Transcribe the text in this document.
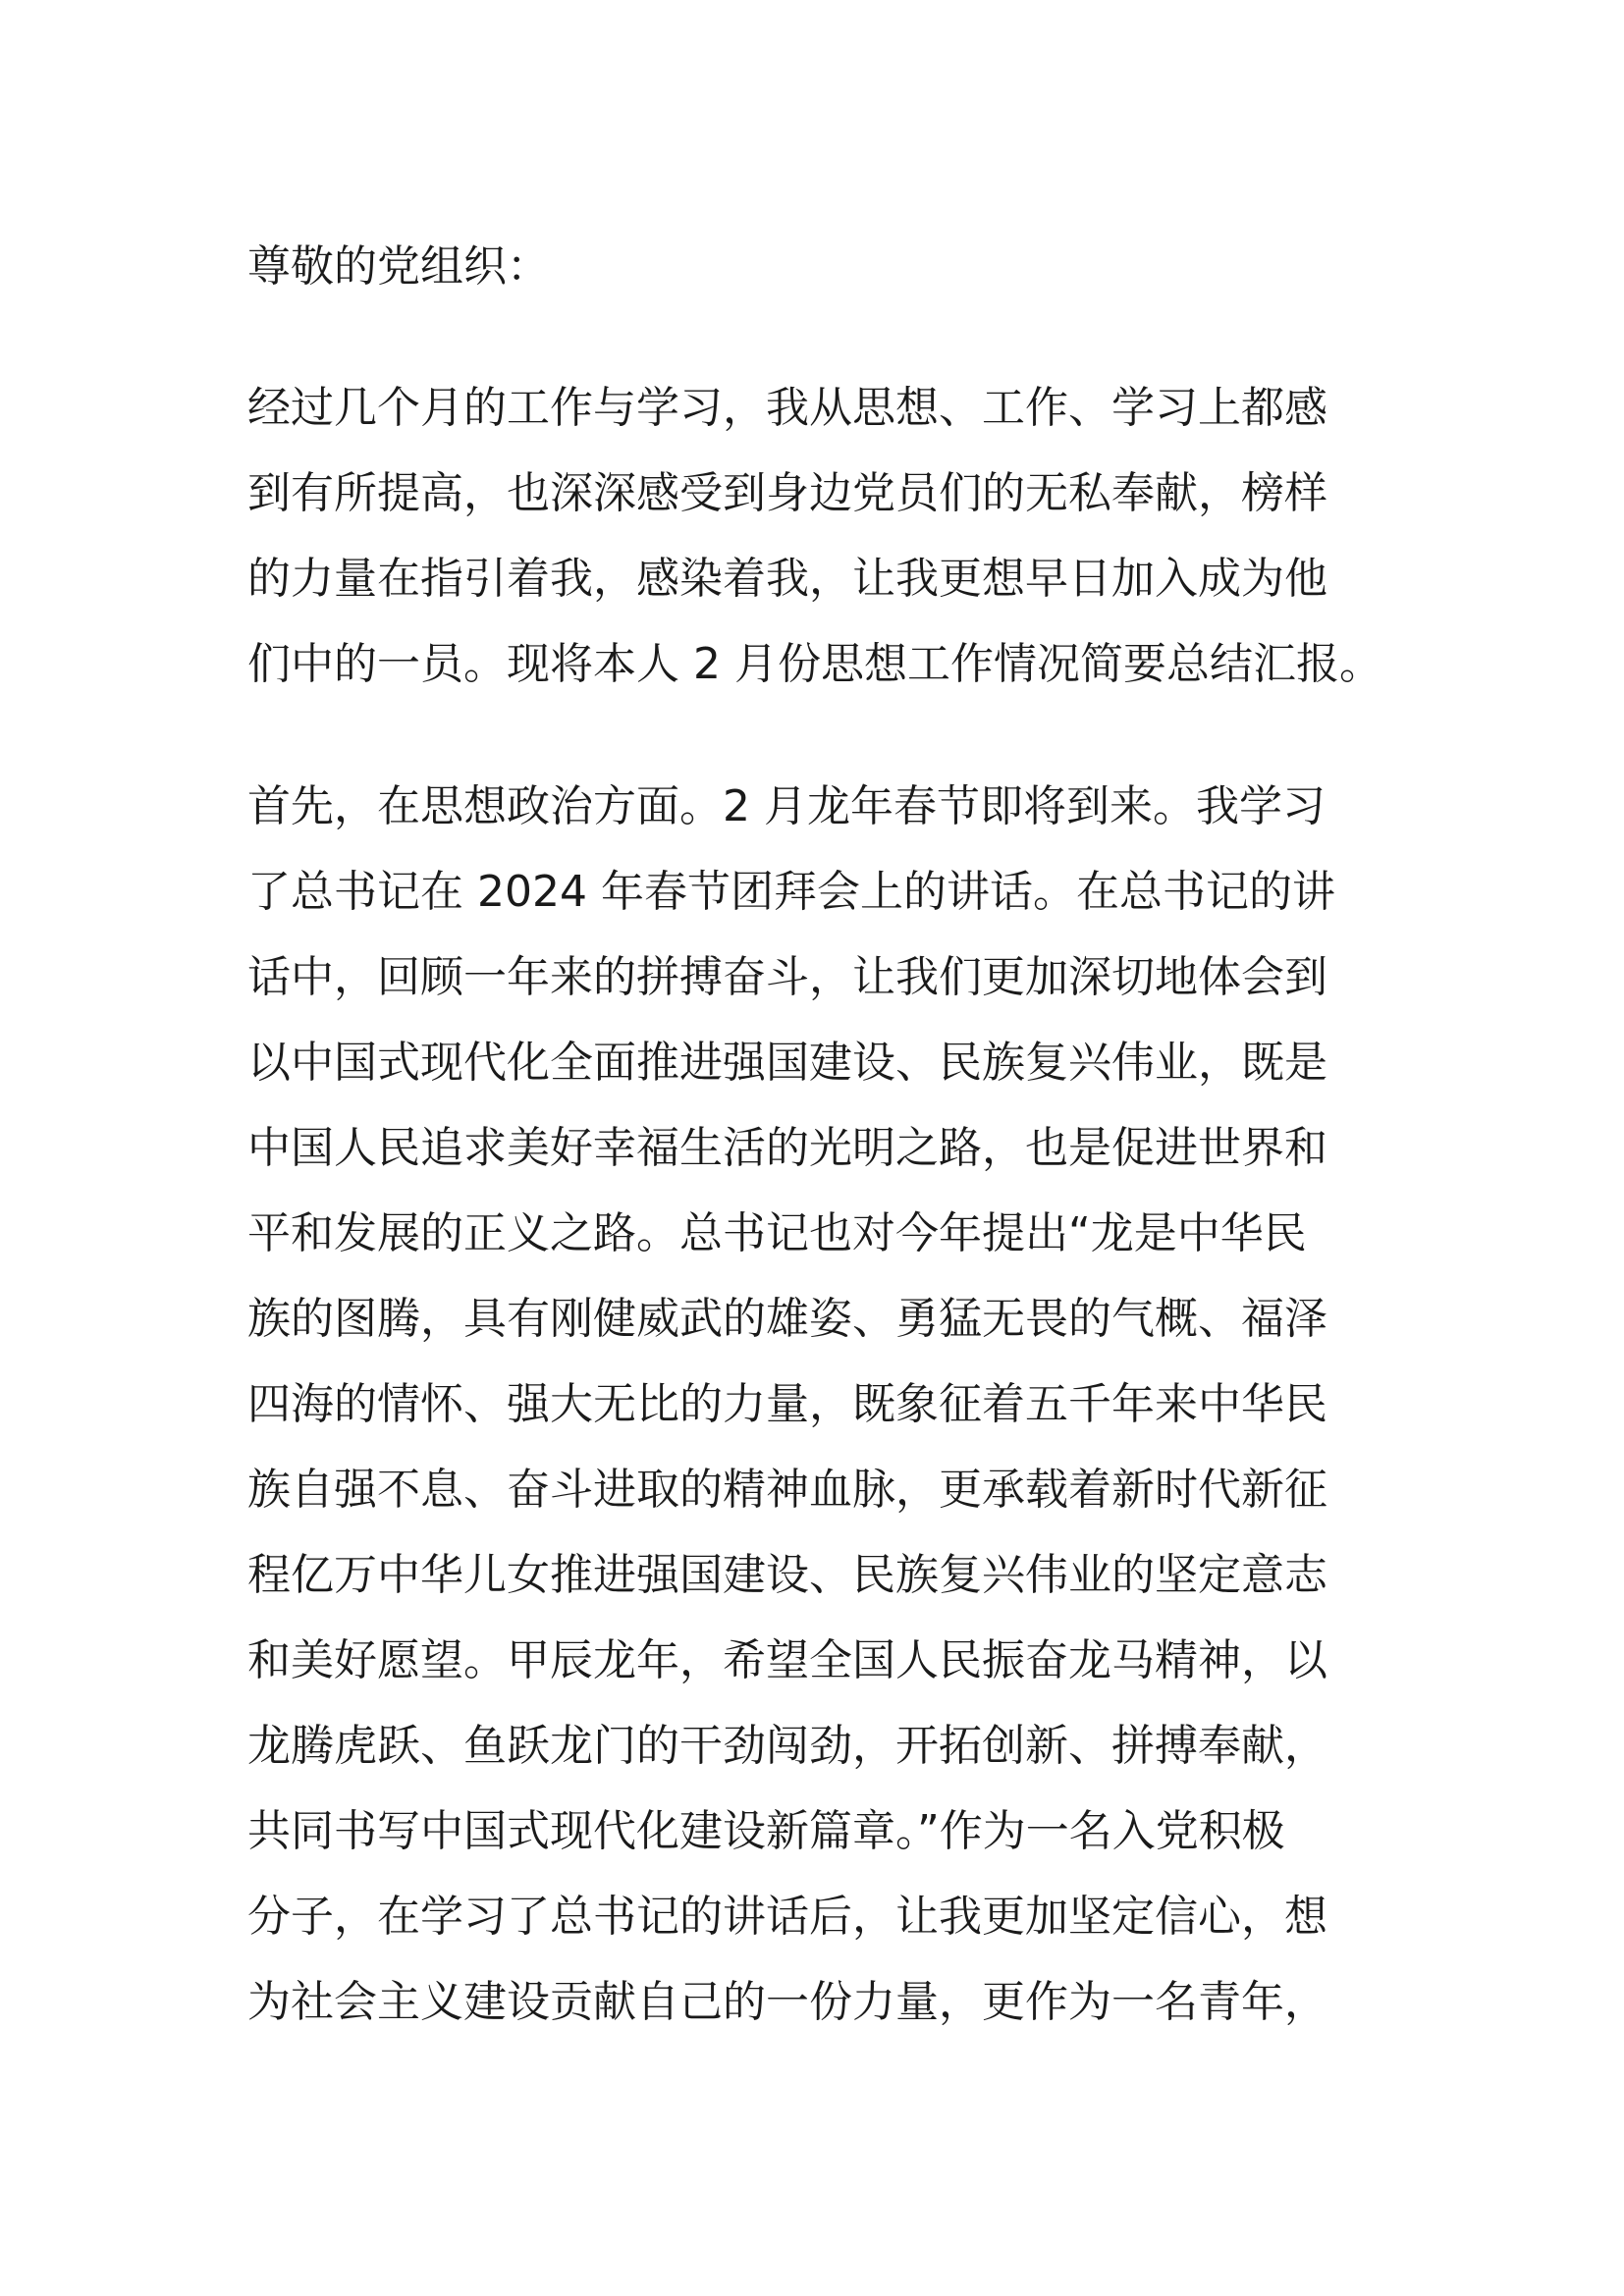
尊敬的党组织：
经过几个月的工作与学习，我从思想、工作、学习上都感
到有所提高，也深深感受到身边党员们的无私奉献，榜样
的力量在指引着我，感染着我，让我更想早日加入成为他
们中的一员。现将本人 2 月份思想工作情况简要总结汇报。
首先，在思想政治方面。2 月龙年春节即将到来。我学习
了总书记在 2024 年春节团拜会上的讲话。在总书记的讲
话中，回顾一年来的拼搏奋斗，让我们更加深切地体会到
以中国式现代化全面推进强国建设、民族复兴伟业，既是
中国人民追求美好幸福生活的光明之路，也是促进世界和
平和发展的正义之路。总书记也对今年提出“龙是中华民
族的图腾，具有刚健威武的雄姿、勇猛无畏的气概、福泽
四海的情怀、强大无比的力量，既象征着五千年来中华民
族自强不息、奋斗进取的精神血脉，更承载着新时代新征
程亿万中华儿女推进强国建设、民族复兴伟业的坚定意志
和美好愿望。甲辰龙年，希望全国人民振奋龙马精神，以
龙腾虎跃、鱼跃龙门的干劲闯劲，开拓创新、拼搏奉献，
共同书写中国式现代化建设新篇章。”作为一名入党积极
分子，在学习了总书记的讲话后，让我更加坚定信心，想
为社会主义建设贡献自己的一份力量，更作为一名青年，
